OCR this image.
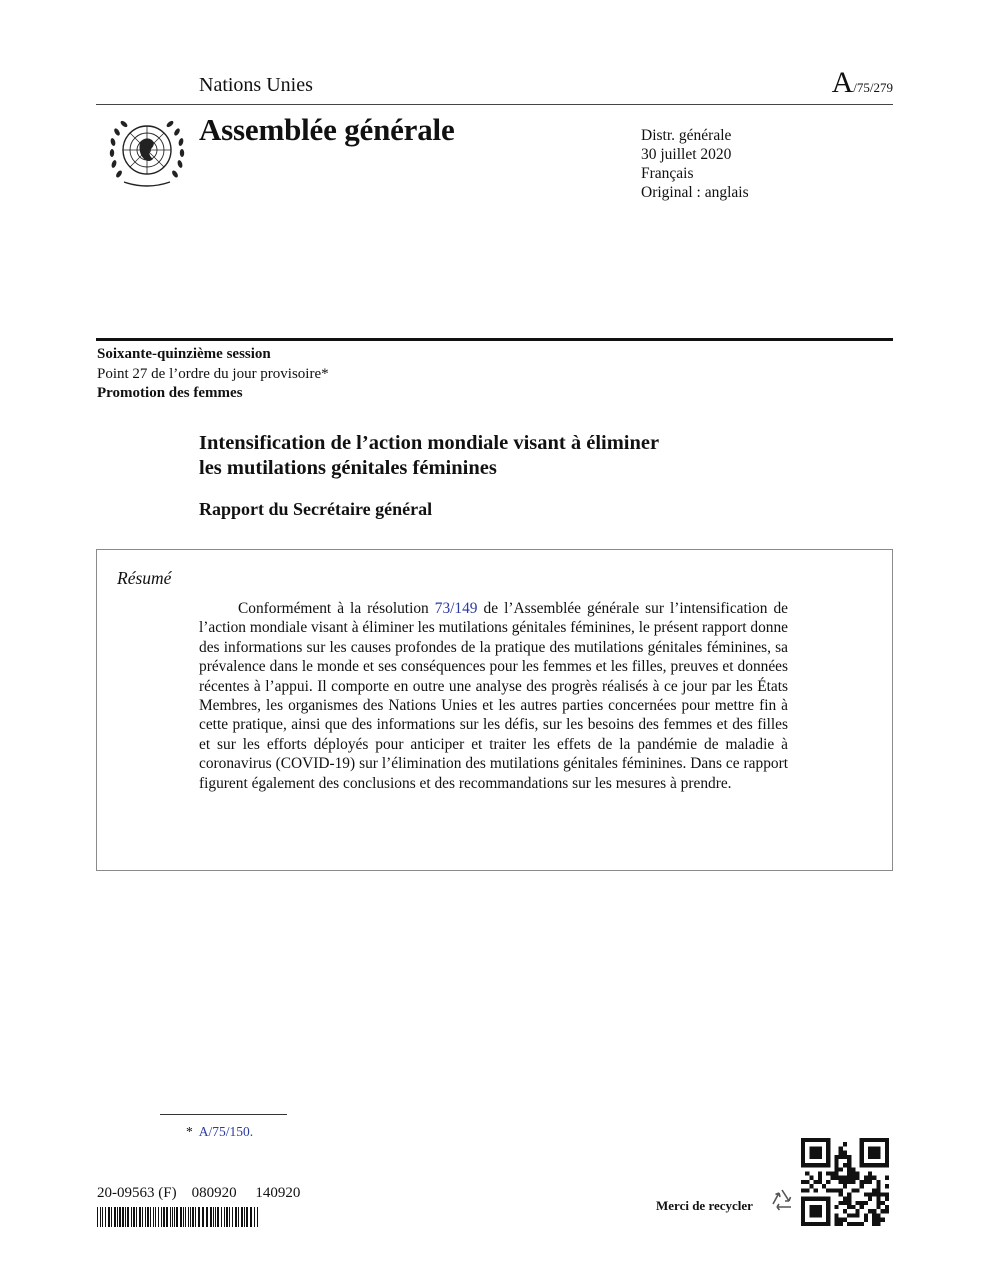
Nations Unies	A/75/279
Assemblée générale	Distr. générale
30 juillet 2020
Français
Original : anglais
Soixante-quinzième session
Point 27 de l’ordre du jour provisoire*
Promotion des femmes
Intensification de l’action mondiale visant à éliminer
les mutilations génitales féminines
Rapport du Secrétaire général
Résumé

Conformément à la résolution 73/149 de l’Assemblée générale sur l’intensification de l’action mondiale visant à éliminer les mutilations génitales féminines, le présent rapport donne des informations sur les causes profondes de la pratique des mutilations génitales féminines, sa prévalence dans le monde et ses conséquences pour les femmes et les filles, preuves et données récentes à l’appui. Il comporte en outre une analyse des progrès réalisés à ce jour par les États Membres, les organismes des Nations Unies et les autres parties concernées pour mettre fin à cette pratique, ainsi que des informations sur les défis, sur les besoins des femmes et des filles et sur les efforts déployés pour anticiper et traiter les effets de la pandémie de maladie à coronavirus (COVID-19) sur l’élimination des mutilations génitales féminines. Dans ce rapport figurent également des conclusions et des recommandations sur les mesures à prendre.

* A/75/150.
20-09563 (F) 080920 140920
Merci de recycler
